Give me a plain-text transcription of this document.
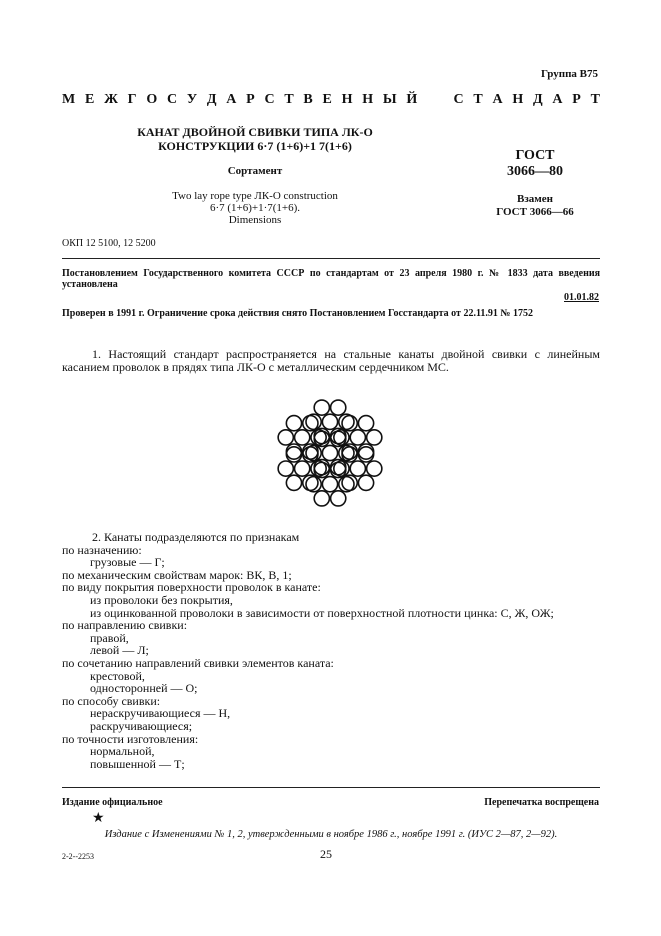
Группа В75
М Е Ж Г О С У Д А Р С Т В Е Н Н Ы Й

	С Т А Н Д А Р Т
КАНАТ ДВОЙНОЙ СВИВКИ ТИПА ЛК-О
КОНСТРУКЦИИ 6·7 (1+6)+1 7(1+6)
Сортамент
Two lay rope type ЛК-О construction
6·7 (1+6)+1·7(1+6).
Dimensions
ГОСТ
3066—80
Взамен
ГОСТ 3066—66
ОКП 12 5100, 12 5200
Постановлением Государственного комитета СССР по стандартам от 23 апреля 1980 г. № 1833 дата введения установлена
01.01.82
Проверен в 1991 г. Ограничение срока действия снято Постановлением Госстандарта от 22.11.91 № 1752
1. Настоящий стандарт распространяется на стальные канаты двойной свивки с линейным касанием проволок в прядях типа ЛК-О с металлическим сердечником МС.
2. Канаты подразделяются по признакам
по назначению:
грузовые — Г;
по механическим свойствам марок: ВК, В, 1;
по виду покрытия поверхности проволок в канате:
из проволоки без покрытия,
из оцинкованной проволоки в зависимости от поверхностной плотности цинка: С, Ж, ОЖ;
по направлению свивки:
правой,
левой — Л;
по сочетанию направлений свивки элементов каната:
крестовой,
односторонней — О;
по способу свивки:
нераскручивающиеся — Н,
раскручивающиеся;
по точности изготовления:
нормальной,
повышенной — Т;
Издание официальное	Перепечатка воспрещена
★
Издание с Изменениями № 1, 2, утвержденными в ноябре 1986 г., ноябре 1991 г. (ИУС 2—87, 2—92).
25
2-2--2253
